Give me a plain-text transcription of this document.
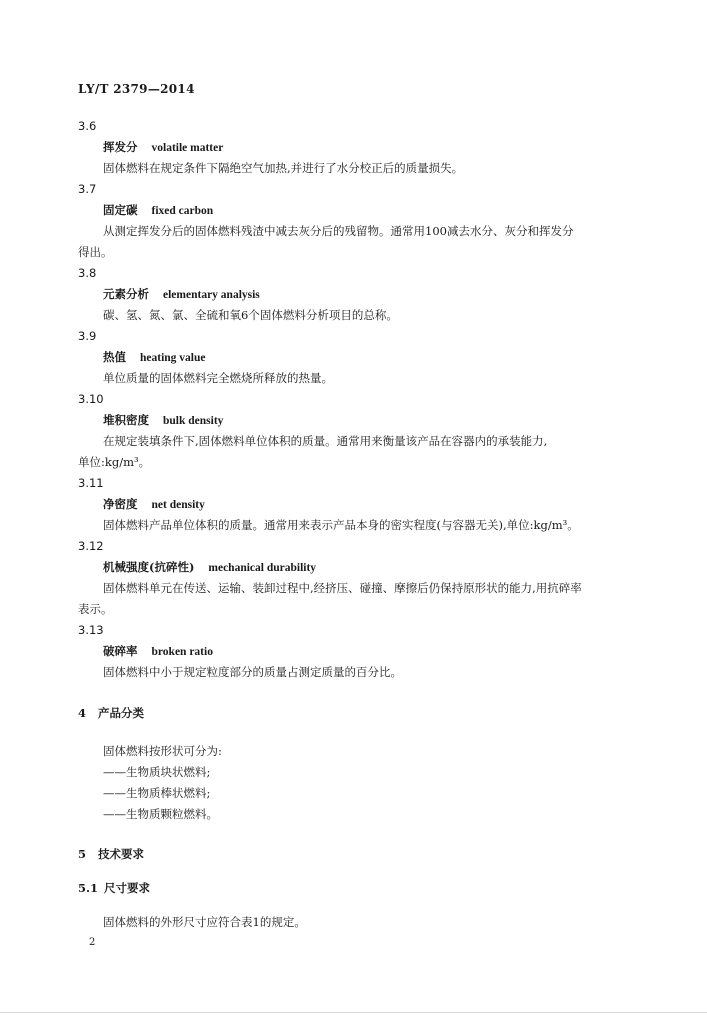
LY/T 2379—2014
3.6
挥发分 volatile matter
固体燃料在规定条件下隔绝空气加热,并进行了水分校正后的质量损失。
3.7
固定碳 fixed carbon
从测定挥发分后的固体燃料残渣中减去灰分后的残留物。通常用100减去水分、灰分和挥发分
得出。
3.8
元素分析 elementary analysis
碳、氢、氮、氯、全硫和氧6个固体燃料分析项目的总称。
3.9
热值 heating value
单位质量的固体燃料完全燃烧所释放的热量。
3.10
堆积密度 bulk density
在规定装填条件下,固体燃料单位体积的质量。通常用来衡量该产品在容器内的承装能力,
单位:kg/m³。
3.11
净密度 net density
固体燃料产品单位体积的质量。通常用来表示产品本身的密实程度(与容器无关),单位:kg/m³。
3.12
机械强度(抗碎性) mechanical durability
固体燃料单元在传送、运输、装卸过程中,经挤压、碰撞、摩擦后仍保持原形状的能力,用抗碎率
表示。
3.13
破碎率 broken ratio
固体燃料中小于规定粒度部分的质量占测定质量的百分比。
4 产品分类
固体燃料按形状可分为:
——生物质块状燃料;
——生物质棒状燃料;
——生物质颗粒燃料。
5 技术要求
5.1 尺寸要求
固体燃料的外形尺寸应符合表1的规定。
2
